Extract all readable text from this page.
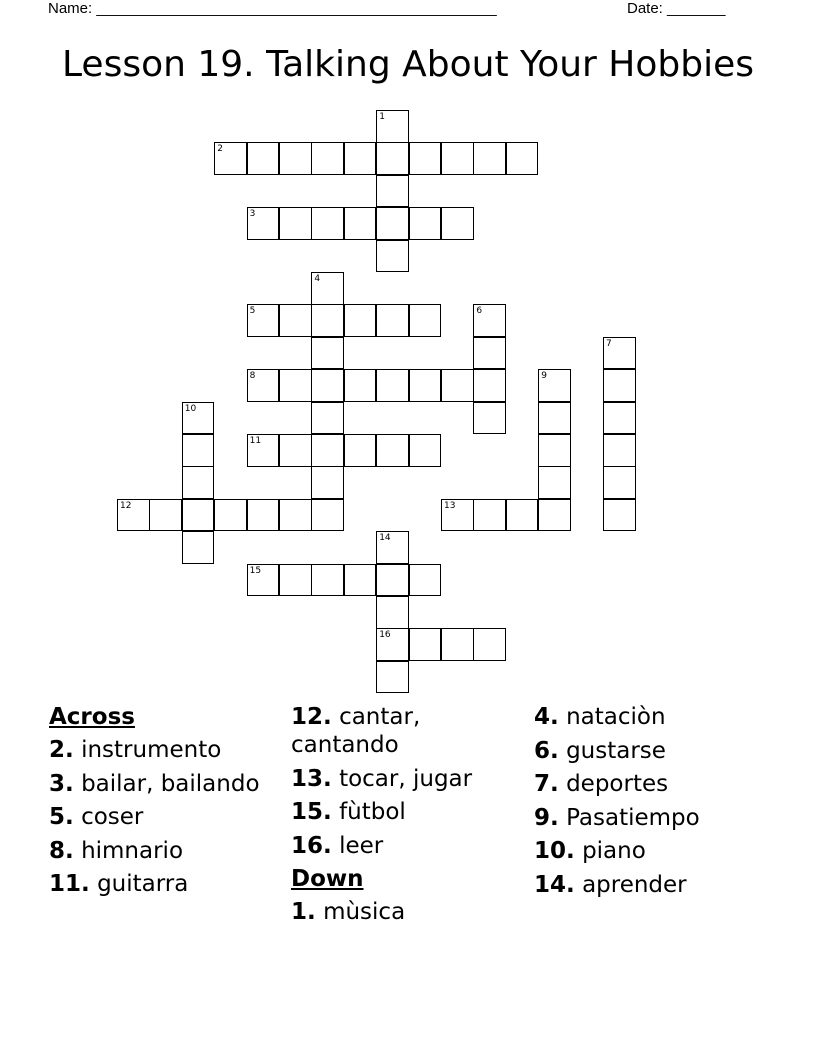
Name: ________________________________________________	Date: _______
Lesson 19. Talking About Your Hobbies
1
2
3
4
5	6
7
8	9
10
11
12	13
14
16
15
Across
2. instrumento
3. bailar, bailando
5. coser
8. himnario
11. guitarra
12. cantar, cantando
13. tocar, jugar
15. fùtbol
16. leer
Down
1. mùsica
4. nataciòn
6. gustarse
7. deportes
9. Pasatiempo
10. piano
14. aprender
